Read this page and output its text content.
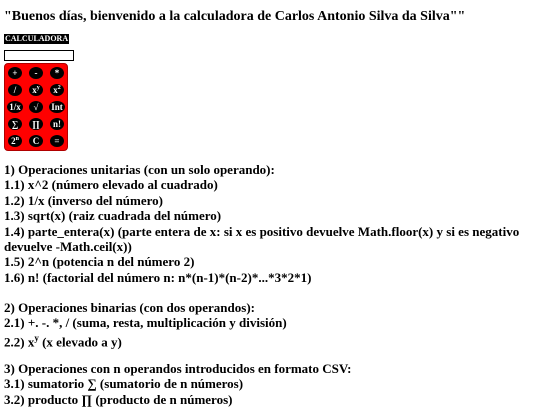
"Buenos días, bienvenido a la calculadora de Carlos Antonio Silva da Silva""
CALCULADORA
+	-	*
/	$x^y$	$x^2$
1/x	√	Int
∑	∏	n!
2$^n$	C	=

1) Operaciones unitarias (con un solo operando):

1.1) x^2 (número elevado al cuadrado)

1.2) 1/x (inverso del número)

1.3) sqrt(x) (raiz cuadrada del número)

1.4) parte_entera(x) (parte entera de x: si x es positivo devuelve Math.floor(x) y si es negativo devuelve -Math.ceil(x))

1.5) 2^n (potencia n del número 2)

1.6) n! (factorial del número n: n*(n-1)*(n-2)*...*3*2*1)

2) Operaciones binarias (con dos operandos):

2.1) +. -. *, / (suma, resta, multiplicación y división)

2.2) $x^y$ (x elevado a y)

3) Operaciones con n operandos introducidos en formato CSV:

3.1) sumatorio ∑ (sumatorio de n números)

3.2) producto ∏ (producto de n números)
